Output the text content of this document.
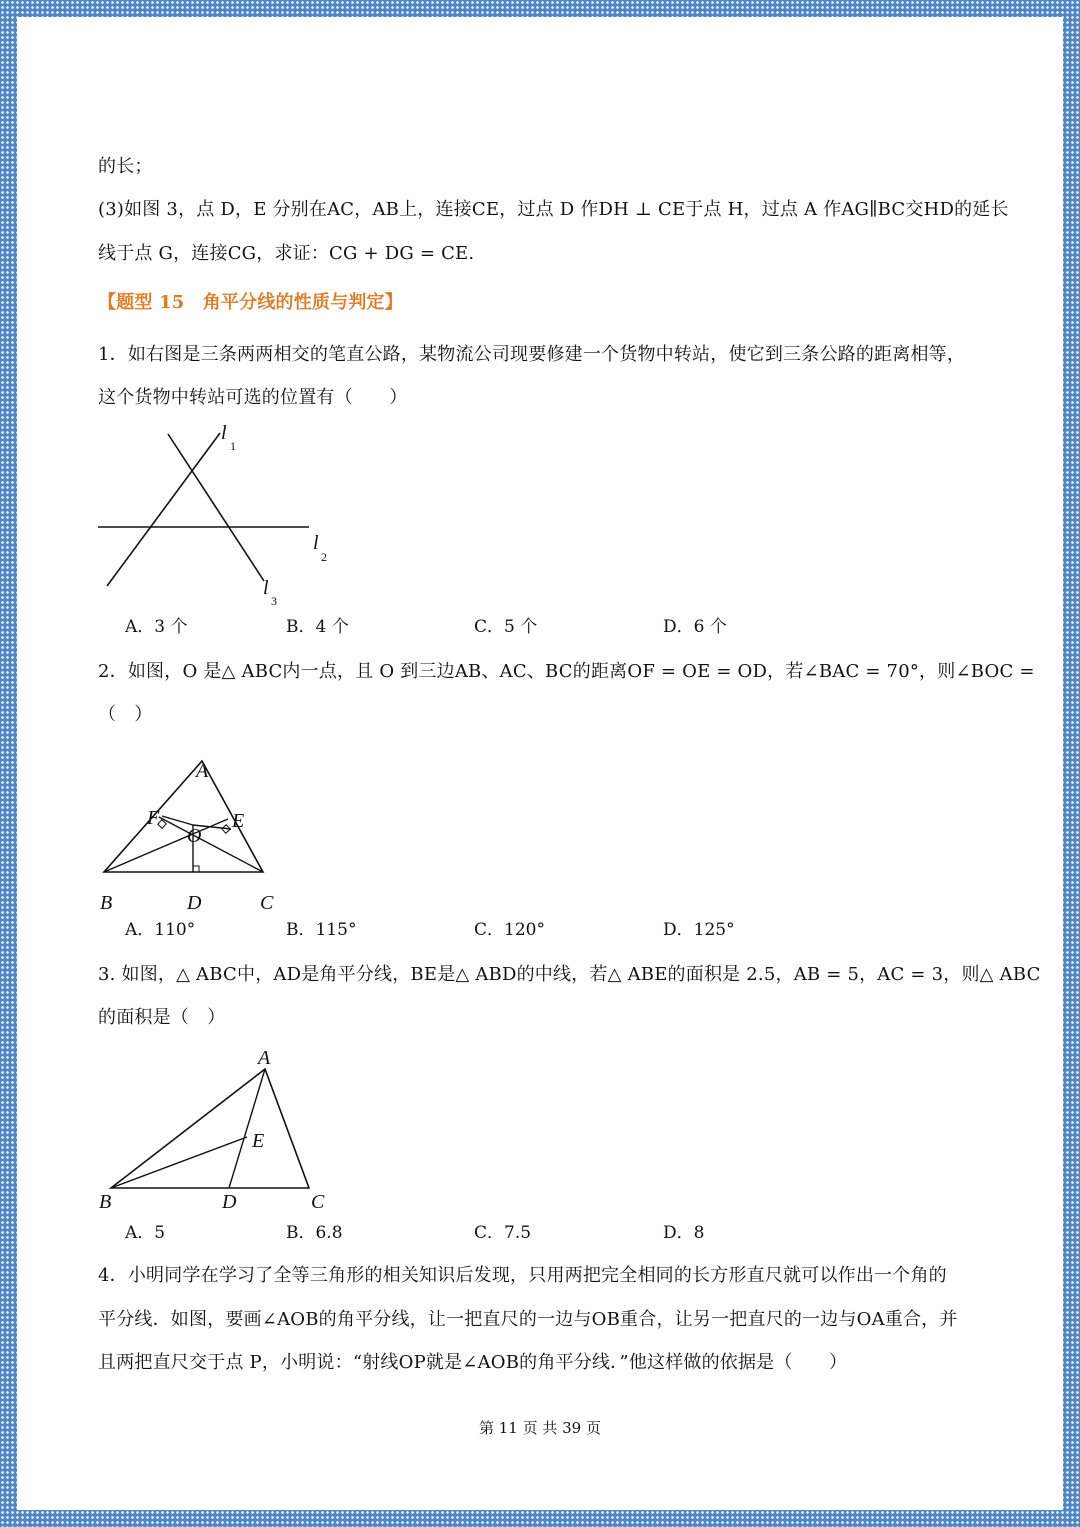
的长；
(3)如图 3，点 D，E 分别在AC，AB上，连接CE，过点 D 作DH ⊥ CE于点 H，过点 A 作AG∥BC交HD的延长
线于点 G，连接CG，求证：CG + DG = CE.
【题型 15　角平分线的性质与判定】
1．如右图是三条两两相交的笔直公路，某物流公司现要修建一个货物中转站，使它到三条公路的距离相等，
这个货物中转站可选的位置有（　　）
l
1
l
2
l
3
A．3 个	B．4 个	C．5 个	D．6 个
2．如图，O 是△ ABC内一点，且 O 到三边AB、AC、BC的距离OF = OE = OD，若∠BAC = 70°，则∠BOC =
（　）
A
B	C
D
E
F
O
A．110°	B．115°	C．120°	D．125°
3. 如图，△ ABC中，AD是角平分线，BE是△ ABD的中线，若△ ABE的面积是 2.5，AB = 5，AC = 3，则△ ABC
的面积是（　）
A
B	C
D
E
A．5	B．6.8	C．7.5	D．8
4．小明同学在学习了全等三角形的相关知识后发现，只用两把完全相同的长方形直尺就可以作出一个角的
平分线．如图，要画∠AOB的角平分线，让一把直尺的一边与OB重合，让另一把直尺的一边与OA重合，并
且两把直尺交于点 P，小明说：“射线OP就是∠AOB的角平分线．”他这样做的依据是（　　）
第 11 页 共 39 页
